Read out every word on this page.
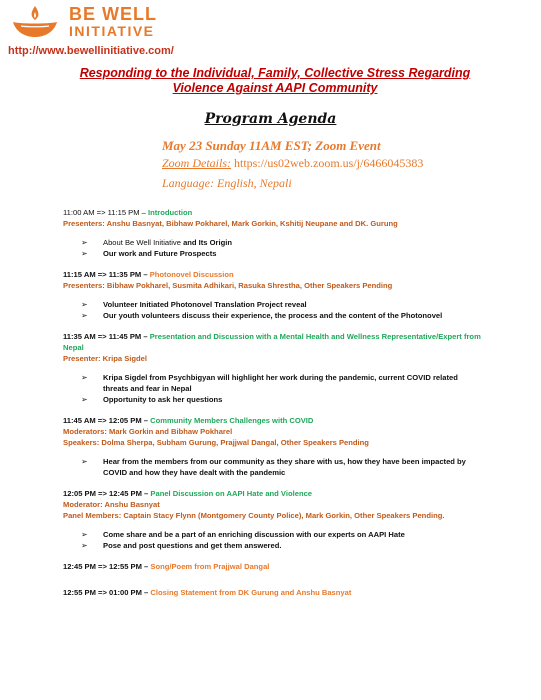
BE WELL
INITIATIVE
http://www.bewellinitiative.com/
Responding to the Individual, Family, Collective Stress Regarding Violence Against AAPI Community
Program Agenda
May 23 Sunday 11AM EST; Zoom Event
Zoom Details: https://us02web.zoom.us/j/6466045383
Language: English, Nepali
11:00 AM => 11:15 PM – Introduction
Presenters: Anshu Basnyat, Bibhaw Pokharel, Mark Gorkin, Kshitij Neupane and DK. Gurung
➢ About Be Well Initiative and Its Origin
➢ Our work and Future Prospects
11:15 AM => 11:35 PM – Photonovel Discussion
Presenters: Bibhaw Pokharel, Susmita Adhikari, Rasuka Shrestha, Other Speakers Pending
➢ Volunteer Initiated Photonovel Translation Project reveal
➢ Our youth volunteers discuss their experience, the process and the content of the Photonovel
11:35 AM => 11:45 PM – Presentation and Discussion with a Mental Health and Wellness Representative/Expert from Nepal
Presenter: Kripa Sigdel
➢ Kripa Sigdel from Psychbigyan will highlight her work during the pandemic, current COVID related threats and fear in Nepal
➢ Opportunity to ask her questions
11:45 AM => 12:05 PM – Community Members Challenges with COVID
Moderators: Mark Gorkin and Bibhaw Pokharel
Speakers: Dolma Sherpa, Subham Gurung, Prajjwal Dangal, Other Speakers Pending
➢ Hear from the members from our community as they share with us, how they have been impacted by COVID and how they have dealt with the pandemic
12:05 PM => 12:45 PM – Panel Discussion on AAPI Hate and Violence
Moderator: Anshu Basnyat
Panel Members: Captain Stacy Flynn (Montgomery County Police), Mark Gorkin, Other Speakers Pending.
➢ Come share and be a part of an enriching discussion with our experts on AAPI Hate
➢ Pose and post questions and get them answered.
12:45 PM => 12:55 PM – Song/Poem from Prajjwal Dangal
12:55 PM => 01:00 PM – Closing Statement from DK Gurung and Anshu Basnyat
